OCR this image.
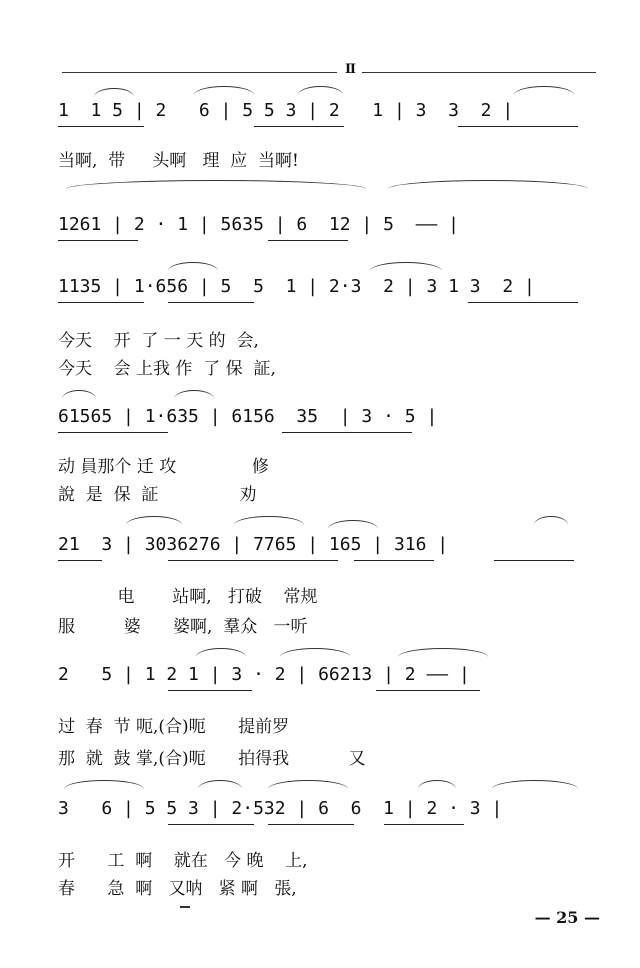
Ⅱ
1  1 5 | 2   6 | 5 5 3 | 2   1 | 3  3  2 |
当啊,  带     头啊   理  应  当啊!
1261 | 2 · 1 | 5635 | 6  12 | 5  —— |
1135 | 1·656 | 5  5  1 | 2·3  2 | 3 1 3  2 |
今天    开  了 一 天 的  会,
今天    会 上我 作  了 保  証,
61565 | 1·635 | 6156  35  | 3 · 5 |
动 員那个 迁 攻              修
說  是  保  証               劝
21  3 | 3036276 | 7765 | 165 | 316 |
电       站啊,   打破    常规
服         婆      婆啊,  羣众   一听
2   5 | 1 2 1 | 3 · 2 | 66213 | 2 —— |
过  春  节 呃,(合)呃      提前罗
那  就  鼓 掌,(合)呃      拍得我           又
3   6 | 5 5 3 | 2·532 | 6  6  1 | 2 · 3 |
开      工  啊    就在   今 晚    上,
春      急  啊   又呐   紧 啊   張,
— 25 —
